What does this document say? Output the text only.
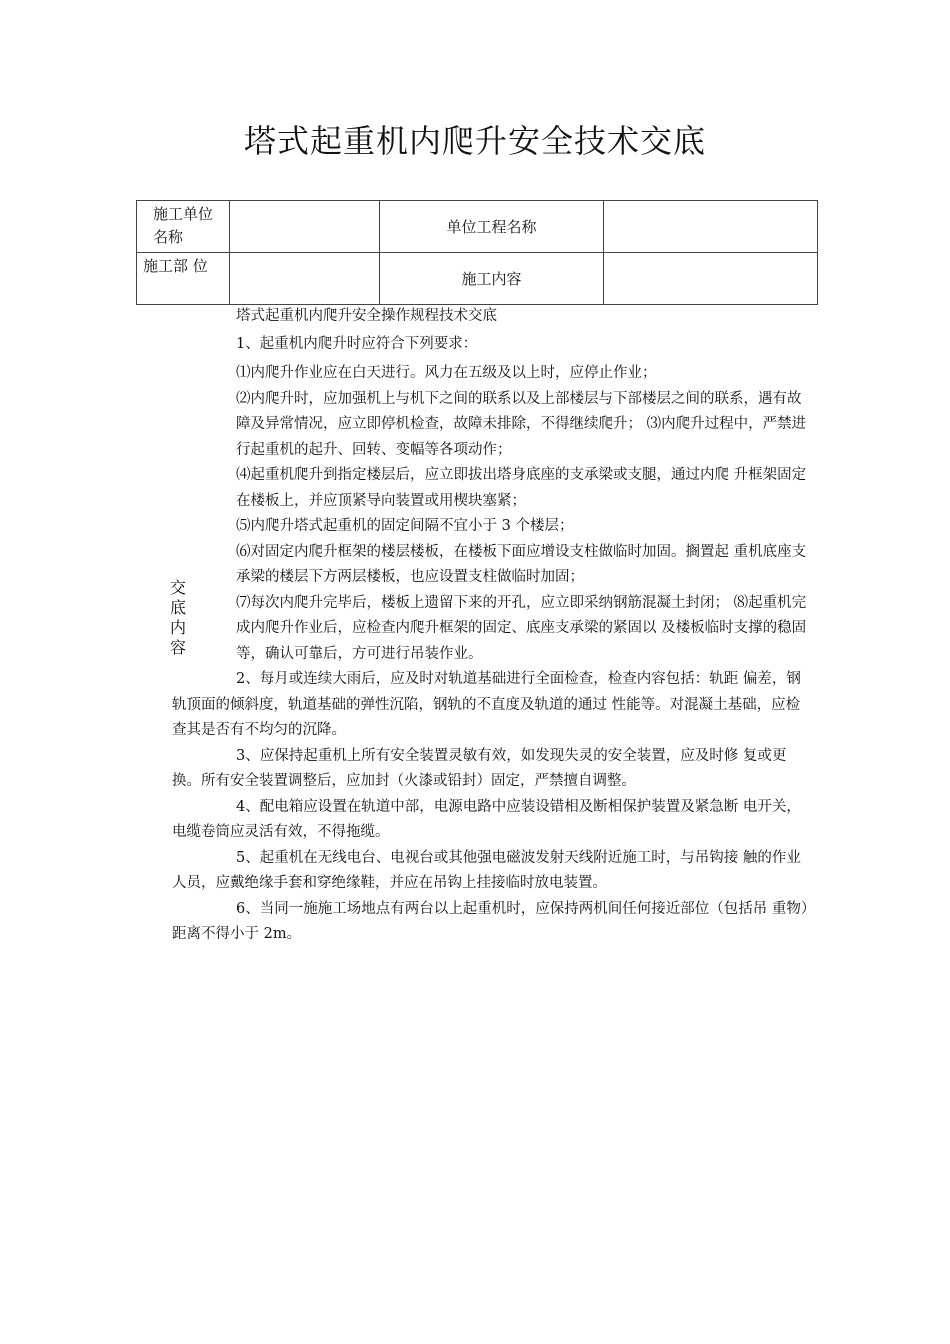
塔式起重机内爬升安全技术交底
施工单位名称		单位工程名称	
施工部 位		施工内容	
交
底
内
容

塔式起重机内爬升安全操作规程技术交底

1、起重机内爬升时应符合下列要求：

⑴内爬升作业应在白天进行。风力在五级及以上时，应停止作业；

⑵内爬升时，应加强机上与机下之间的联系以及上部楼层与下部楼层之间的联系，遇有故障及异常情况，应立即停机检查，故障未排除，不得继续爬升； ⑶内爬升过程中，严禁进行起重机的起升、回转、变幅等各项动作；

⑷起重机爬升到指定楼层后，应立即拔出塔身底座的支承梁或支腿，通过内爬 升框架固定在楼板上，并应顶紧导向装置或用楔块塞紧；

⑸内爬升塔式起重机的固定间隔不宜小于 3 个楼层；

⑹对固定内爬升框架的楼层楼板，在楼板下面应增设支柱做临时加固。搁置起 重机底座支承梁的楼层下方两层楼板，也应设置支柱做临时加固；

⑺每次内爬升完毕后，楼板上遗留下来的开孔，应立即采纳钢筋混凝土封闭； ⑻起重机完成内爬升作业后，应检查内爬升框架的固定、底座支承梁的紧固以 及楼板临时支撑的稳固等，确认可靠后，方可进行吊装作业。

2、每月或连续大雨后，应及时对轨道基础进行全面检查，检查内容包括：轨距 偏差，钢轨顶面的倾斜度，轨道基础的弹性沉陷，钢轨的不直度及轨道的通过 性能等。对混凝土基础，应检查其是否有不均匀的沉降。

3、应保持起重机上所有安全装置灵敏有效，如发现失灵的安全装置，应及时修 复或更换。所有安全装置调整后，应加封（火漆或铅封）固定，严禁擅自调整。

4、配电箱应设置在轨道中部，电源电路中应装设错相及断相保护装置及紧急断 电开关，电缆卷筒应灵活有效，不得拖缆。

5、起重机在无线电台、电视台或其他强电磁波发射天线附近施工时，与吊钩接 触的作业人员，应戴绝缘手套和穿绝缘鞋，并应在吊钩上挂接临时放电装置。

6、当同一施施工场地点有两台以上起重机时，应保持两机间任何接近部位（包括吊 重物）距离不得小于 2m。
